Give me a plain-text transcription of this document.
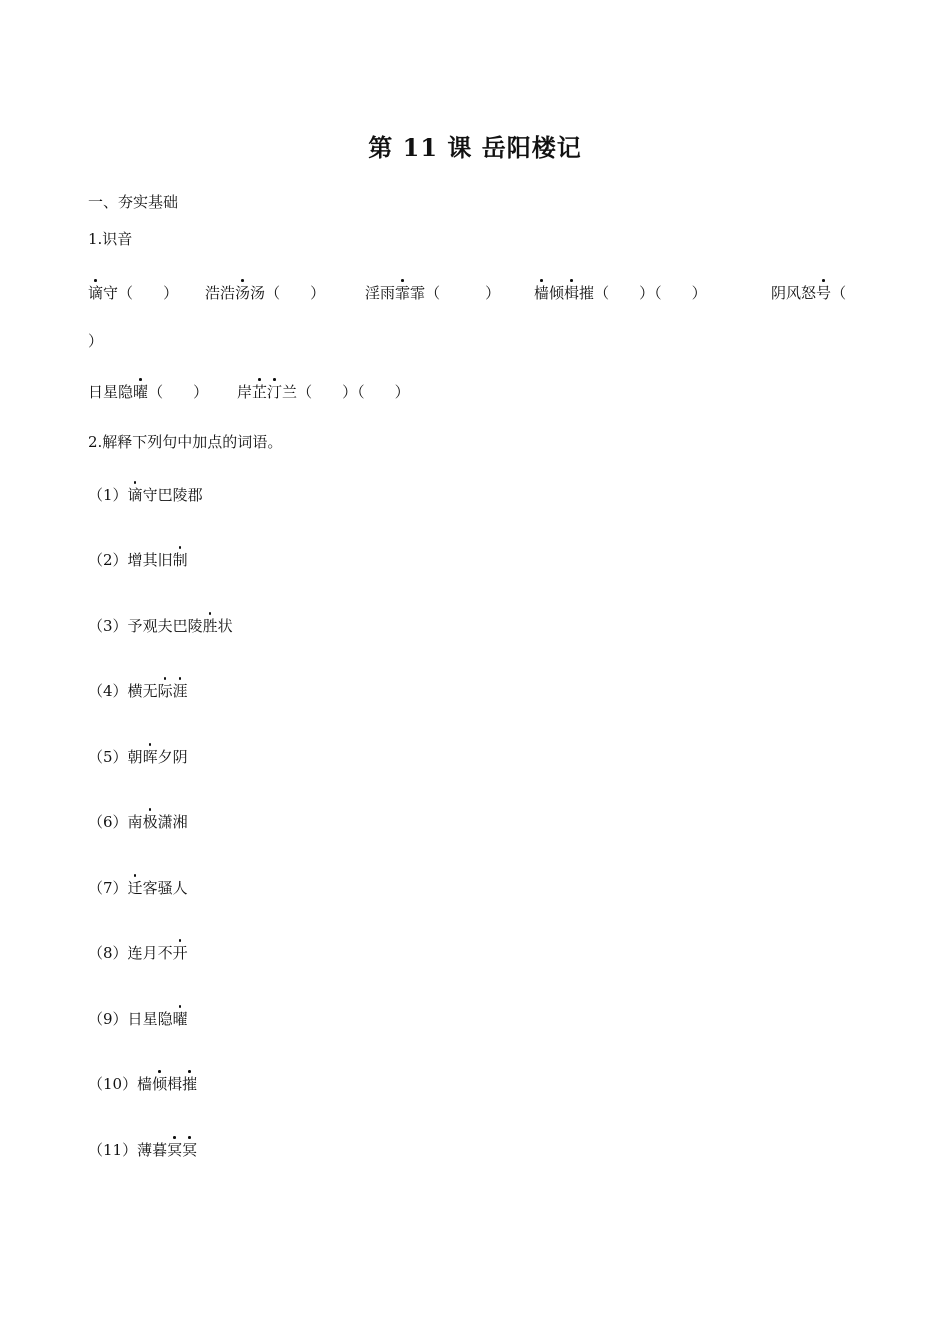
第 11 课 岳阳楼记
一、夯实基础
1.识音
谪守（　　 ） 浩浩汤汤（　　 ）	淫雨霏霏（　　　	） 樯倾楫摧（　　 ）（　　 ）	阴风怒号（
）
日星隐曜（　　 ） 岸芷汀兰（　　 ）（　　 ）
2.解释下列句中加点的词语。
（1）谪守巴陵郡
（2）增其旧制
（3）予观夫巴陵胜状
（4）横无际涯
（5）朝晖夕阴
（6）南极潇湘
（7）迁客骚人
（8）连月不开
（9）日星隐曜
（10）樯倾楫摧
（11）薄暮冥冥
